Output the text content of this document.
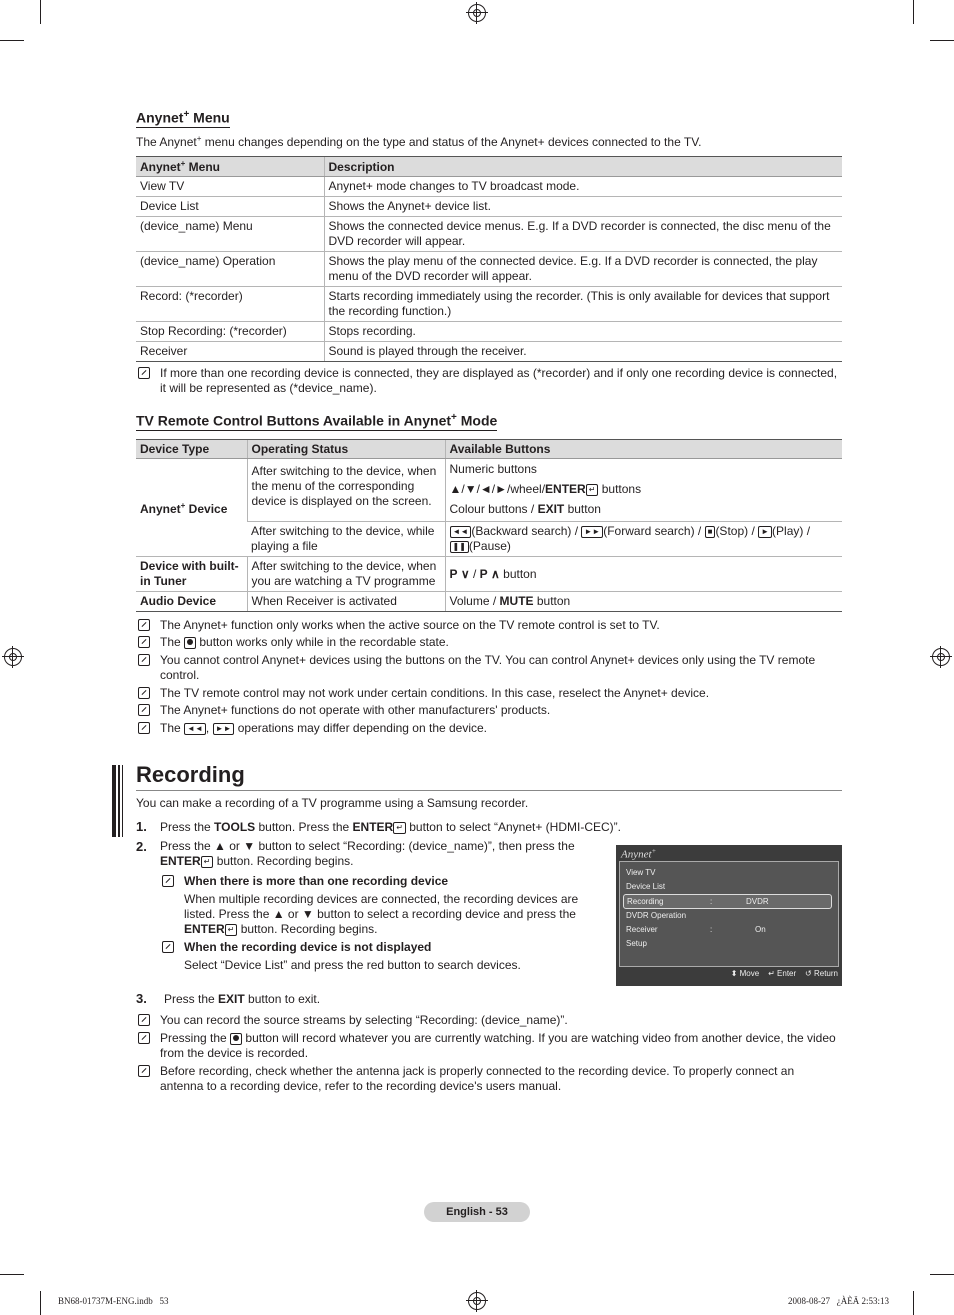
Anynet+ Menu

The Anynet+ menu changes depending on the type and status of the Anynet+ devices connected to the TV.

Anynet+ Menu	Description
View TV	Anynet+ mode changes to TV broadcast mode.
Device List	Shows the Anynet+ device list.
(device_name) Menu	Shows the connected device menus. E.g. If a DVD recorder is connected, the disc menu of the DVD recorder will appear.
(device_name) Operation	Shows the play menu of the connected device. E.g. If a DVD recorder is connected, the play menu of the DVD recorder will appear.
Record: (*recorder)	Starts recording immediately using the recorder. (This is only available for devices that support the recording function.)
Stop Recording: (*recorder)	Stops recording.
Receiver	Sound is played through the receiver.
If more than one recording device is connected, they are displayed as (*recorder) and if only one recording device is connected, it will be represented as (*device_name).
TV Remote Control Buttons Available in Anynet+ Mode
Device Type	Operating Status	Available Buttons
Anynet+ Device	After switching to the device, when the menu of the corresponding device is displayed on the screen.	Numeric buttons
▲/▼/◄/►/wheel/ENTER ↵ buttons
Colour buttons / EXIT button

	After switching to the device, while playing a file	◄◄ (Backward search) / ►► (Forward search) / ■ (Stop) / ► (Play) /
❚❚ (Pause)
Device with built-in Tuner	After switching to the device, when you are watching a TV programme	P ∨ / P ∧ button
Audio Device	When Receiver is activated	Volume / MUTE button
The Anynet+ function only works when the active source on the TV remote control is set to TV.
The button works only while in the recordable state.
You cannot control Anynet+ devices using the buttons on the TV. You can control Anynet+ devices only using the TV remote control.
The TV remote control may not work under certain conditions. In this case, reselect the Anynet+ device.
The Anynet+ functions do not operate with other manufacturers' products.
The ◄◄ , ►► operations may differ depending on the device.
Recording

You can make a recording of a TV programme using a Samsung recorder.

1. Press the TOOLS button. Press the ENTER ↵ button to select “Anynet+ (HDMI-CEC)”.

2. Press the ▲ or ▼ button to select “Recording: (device_name)”, then press the ENTER ↵ button. Recording begins.

When there is more than one recording device

When multiple recording devices are connected, the recording devices are listed. Press the ▲ or ▼ button to select a recording device and press the ENTER ↵ button. Recording begins.

When the recording device is not displayed

Select “Device List” and press the red button to search devices.

3. Press the EXIT button to exit.

Anynet+
View TV
Device List
Recording	:	DVDR
DVDR Operation
Receiver	:	On
Setup
⬍ Move ↵ Enter ↺ Return
You can record the source streams by selecting “Recording: (device_name)”.
Pressing the button will record whatever you are currently watching. If you are watching video from another device, the video from the device is recorded.
Before recording, check whether the antenna jack is properly connected to the recording device. To properly connect an antenna to a recording device, refer to the recording device's users manual.
English - 53
BN68-01737M-ENG.indb   53	2008-08-27   ¿ÀÈÄ 2:53:13
